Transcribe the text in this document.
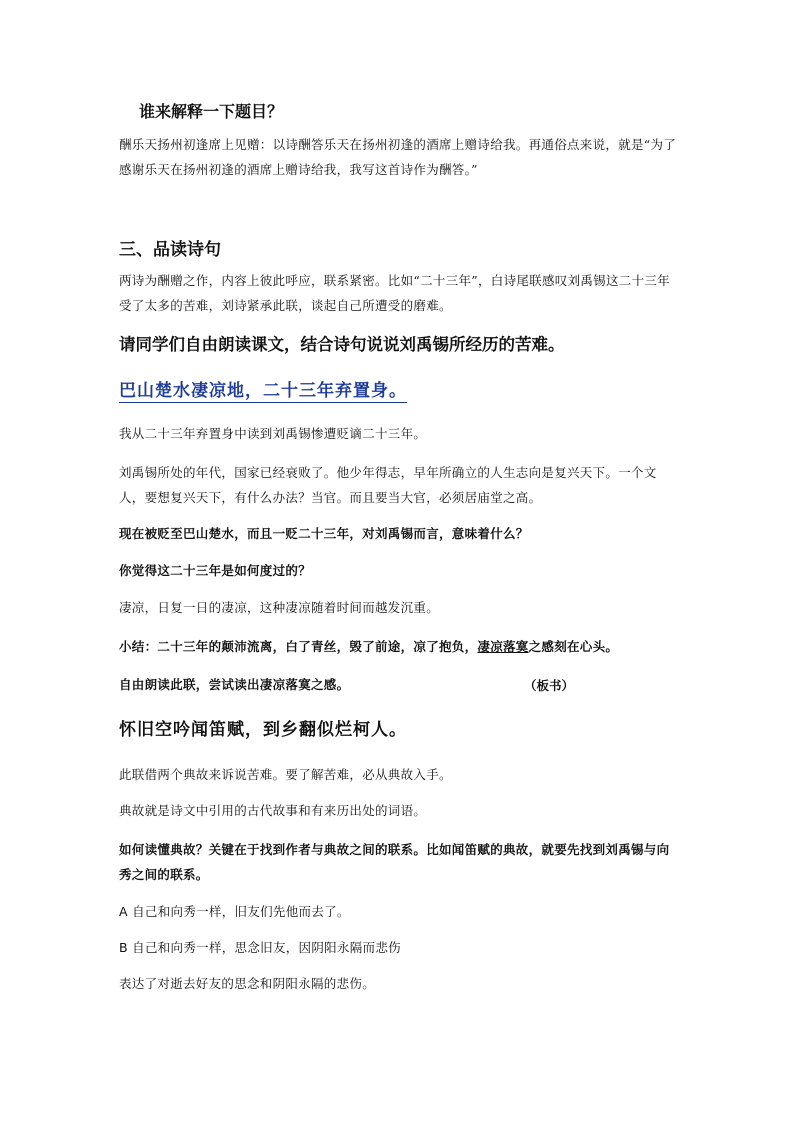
谁来解释一下题目？
酬乐天扬州初逢席上见赠：以诗酬答乐天在扬州初逢的酒席上赠诗给我。再通俗点来说，就是“为了感谢乐天在扬州初逢的酒席上赠诗给我，我写这首诗作为酬答。”
三、品读诗句
两诗为酬赠之作，内容上彼此呼应，联系紧密。比如“二十三年”，白诗尾联感叹刘禹锡这二十三年受了太多的苦难，刘诗紧承此联，谈起自己所遭受的磨难。
请同学们自由朗读课文，结合诗句说说刘禹锡所经历的苦难。
巴山楚水凄凉地，二十三年弃置身。
我从二十三年弃置身中读到刘禹锡惨遭贬谪二十三年。
刘禹锡所处的年代，国家已经衰败了。他少年得志，早年所确立的人生志向是复兴天下。一个文人，要想复兴天下，有什么办法？当官。而且要当大官，必须居庙堂之高。
现在被贬至巴山楚水，而且一贬二十三年，对刘禹锡而言，意味着什么？
你觉得这二十三年是如何度过的？
凄凉，日复一日的凄凉，这种凄凉随着时间而越发沉重。
小结：二十三年的颠沛流离，白了青丝，毁了前途，凉了抱负，凄凉落寞之感刻在心头。
自由朗读此联，尝试读出凄凉落寞之感。	（板书）
怀旧空吟闻笛赋，到乡翻似烂柯人。
此联借两个典故来诉说苦难。要了解苦难，必从典故入手。
典故就是诗文中引用的古代故事和有来历出处的词语。
如何读懂典故？关键在于找到作者与典故之间的联系。比如闻笛赋的典故，就要先找到刘禹锡与向秀之间的联系。
A 自己和向秀一样，旧友们先他而去了。
B 自己和向秀一样，思念旧友，因阴阳永隔而悲伤
表达了对逝去好友的思念和阴阳永隔的悲伤。
